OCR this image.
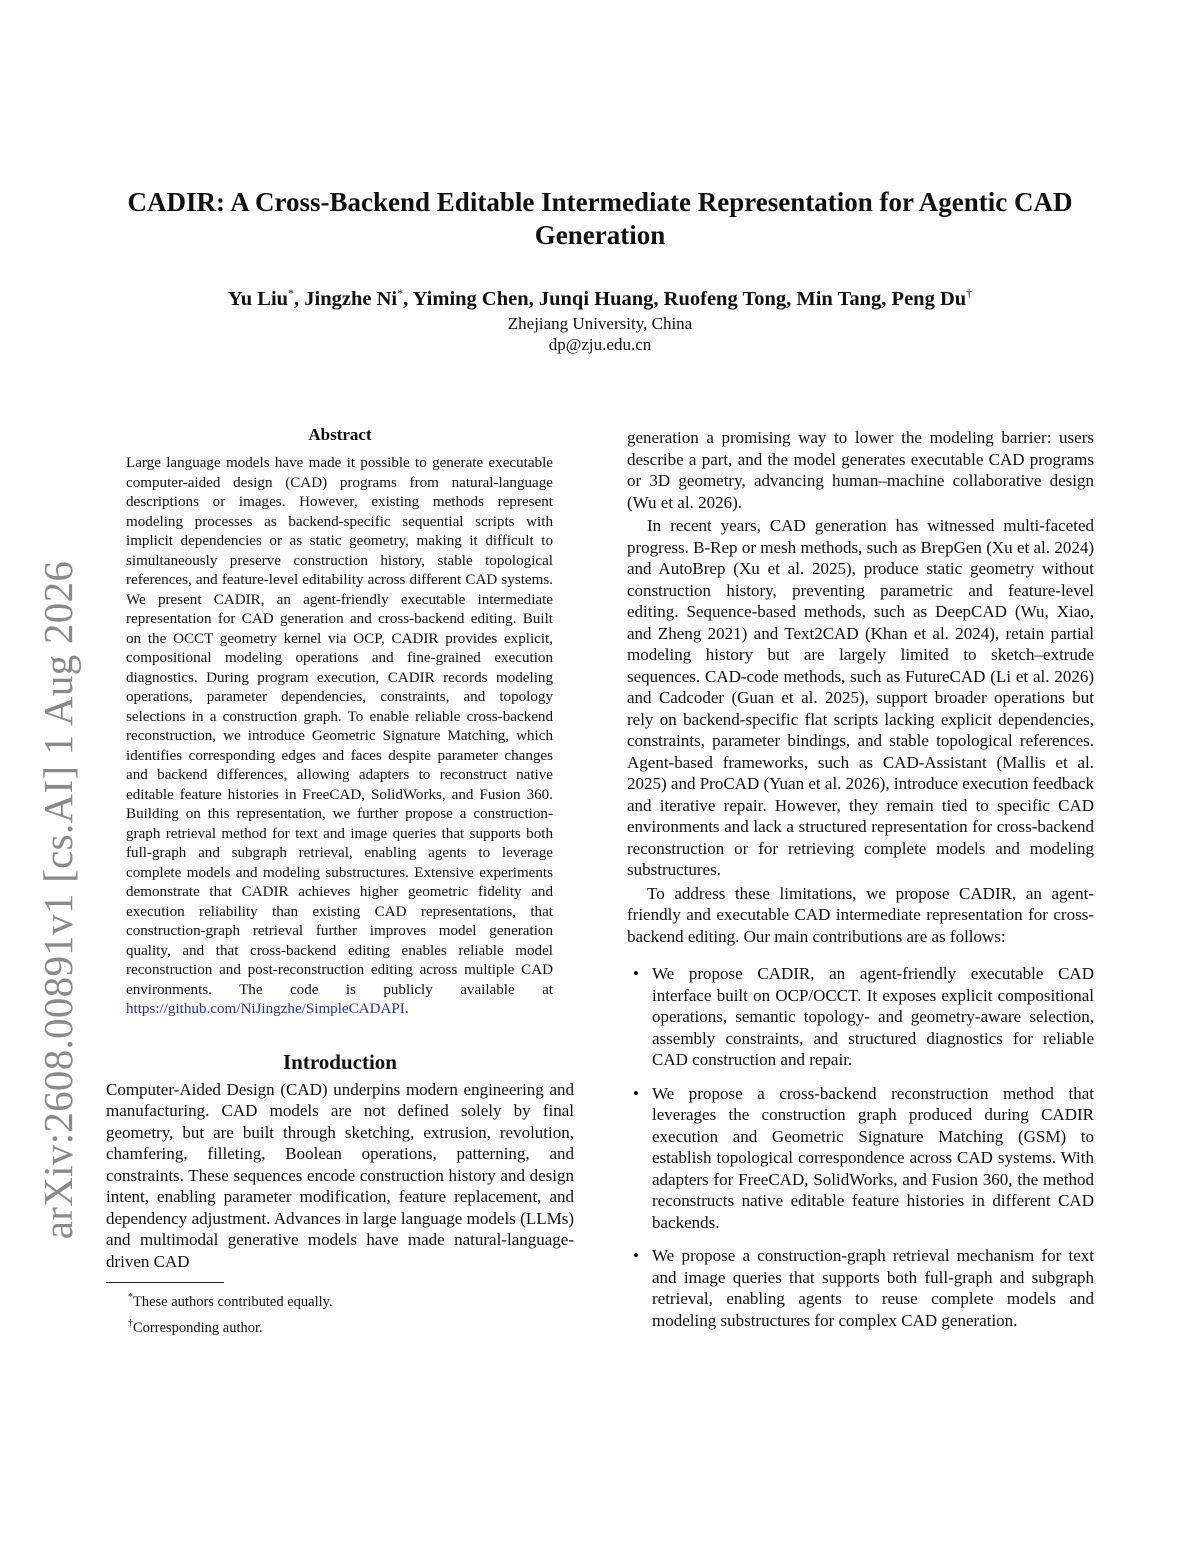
arXiv:2608.00891v1 [cs.AI] 1 Aug 2026
CADIR: A Cross-Backend Editable Intermediate Representation for Agentic CAD Generation
Yu Liu*, Jingzhe Ni*, Yiming Chen, Junqi Huang, Ruofeng Tong, Min Tang, Peng Du†
Zhejiang University, China
dp@zju.edu.cn
Abstract

Large language models have made it possible to generate executable computer-aided design (CAD) programs from natural-language descriptions or images. However, existing methods represent modeling processes as backend-specific sequential scripts with implicit dependencies or as static geometry, making it difficult to simultaneously preserve construction history, stable topological references, and feature-level editability across different CAD systems. We present CADIR, an agent-friendly executable intermediate representation for CAD generation and cross-backend editing. Built on the OCCT geometry kernel via OCP, CADIR provides explicit, compositional modeling operations and fine-grained execution diagnostics. During program execution, CADIR records modeling operations, parameter dependencies, constraints, and topology selections in a construction graph. To enable reliable cross-backend reconstruction, we introduce Geometric Signature Matching, which identifies corresponding edges and faces despite parameter changes and backend differences, allowing adapters to reconstruct native editable feature histories in FreeCAD, SolidWorks, and Fusion 360. Building on this representation, we further propose a construction-graph retrieval method for text and image queries that supports both full-graph and subgraph retrieval, enabling agents to leverage complete models and modeling substructures. Extensive experiments demonstrate that CADIR achieves higher geometric fidelity and execution reliability than existing CAD representations, that construction-graph retrieval further improves model generation quality, and that cross-backend editing enables reliable model reconstruction and post-reconstruction editing across multiple CAD environments. The code is publicly available at https://github.com/NiJingzhe/SimpleCADAPI.

Introduction

Computer-Aided Design (CAD) underpins modern engineering and manufacturing. CAD models are not defined solely by final geometry, but are built through sketching, extrusion, revolution, chamfering, filleting, Boolean operations, patterning, and constraints. These sequences encode construction history and design intent, enabling parameter modification, feature replacement, and dependency adjustment. Advances in large language models (LLMs) and multimodal generative models have made natural-language-driven CAD

*These authors contributed equally.

†Corresponding author.

generation a promising way to lower the modeling barrier: users describe a part, and the model generates executable CAD programs or 3D geometry, advancing human–machine collaborative design (Wu et al. 2026).

In recent years, CAD generation has witnessed multi-faceted progress. B-Rep or mesh methods, such as BrepGen (Xu et al. 2024) and AutoBrep (Xu et al. 2025), produce static geometry without construction history, preventing parametric and feature-level editing. Sequence-based methods, such as DeepCAD (Wu, Xiao, and Zheng 2021) and Text2CAD (Khan et al. 2024), retain partial modeling history but are largely limited to sketch–extrude sequences. CAD-code methods, such as FutureCAD (Li et al. 2026) and Cadcoder (Guan et al. 2025), support broader operations but rely on backend-specific flat scripts lacking explicit dependencies, constraints, parameter bindings, and stable topological references. Agent-based frameworks, such as CAD-Assistant (Mallis et al. 2025) and ProCAD (Yuan et al. 2026), introduce execution feedback and iterative repair. However, they remain tied to specific CAD environments and lack a structured representation for cross-backend reconstruction or for retrieving complete models and modeling substructures.

To address these limitations, we propose CADIR, an agent-friendly and executable CAD intermediate representation for cross-backend editing. Our main contributions are as follows:

• We propose CADIR, an agent-friendly executable CAD interface built on OCP/OCCT. It exposes explicit compositional operations, semantic topology- and geometry-aware selection, assembly constraints, and structured diagnostics for reliable CAD construction and repair.
• We propose a cross-backend reconstruction method that leverages the construction graph produced during CADIR execution and Geometric Signature Matching (GSM) to establish topological correspondence across CAD systems. With adapters for FreeCAD, SolidWorks, and Fusion 360, the method reconstructs native editable feature histories in different CAD backends.
• We propose a construction-graph retrieval mechanism for text and image queries that supports both full-graph and subgraph retrieval, enabling agents to reuse complete models and modeling substructures for complex CAD generation.
